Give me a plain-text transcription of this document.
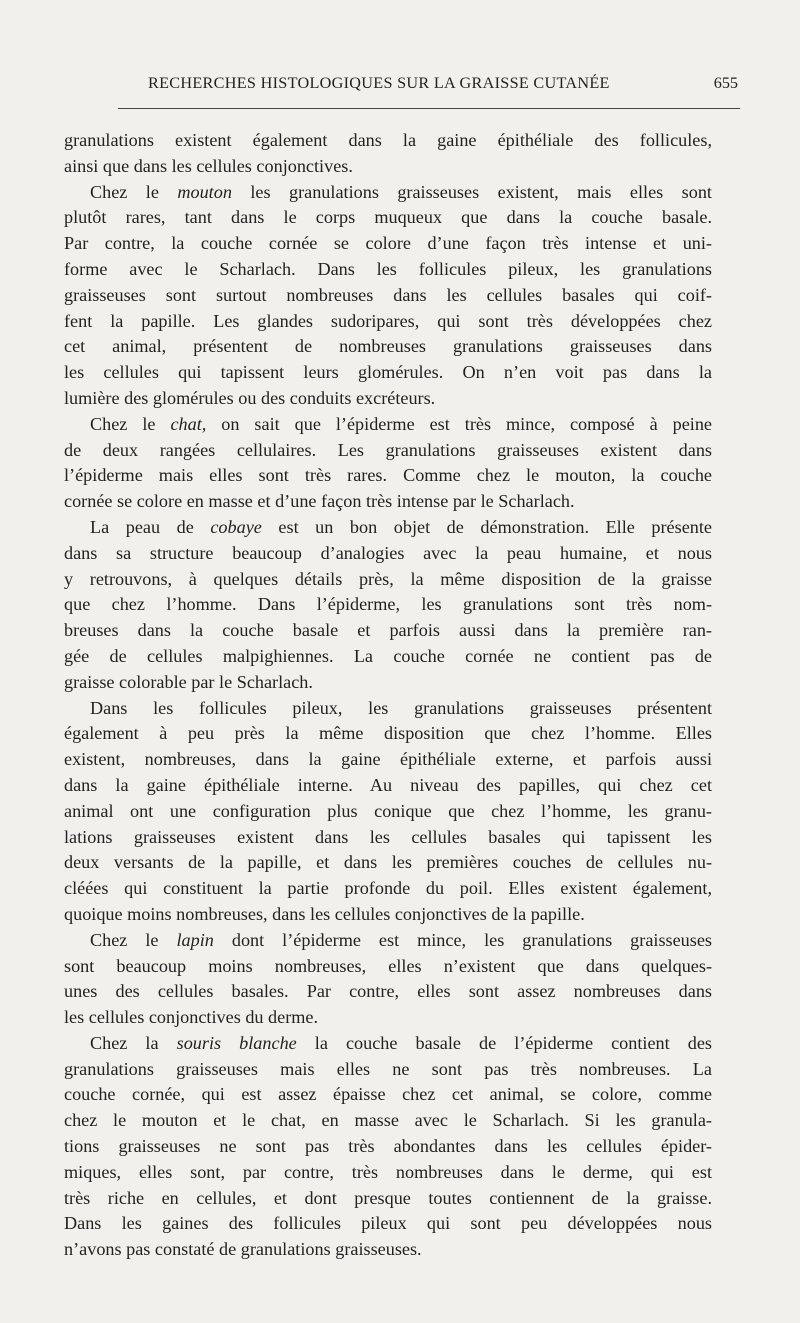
RECHERCHES HISTOLOGIQUES SUR LA GRAISSE CUTANÉE	655
granulations existent également dans la gaine épithéliale des follicules,
ainsi que dans les cellules conjonctives.
Chez le mouton les granulations graisseuses existent, mais elles sont
plutôt rares, tant dans le corps muqueux que dans la couche basale.
Par contre, la couche cornée se colore d’une façon très intense et uni-
forme avec le Scharlach. Dans les follicules pileux, les granulations
graisseuses sont surtout nombreuses dans les cellules basales qui coif-
fent la papille. Les glandes sudoripares, qui sont très développées chez
cet animal, présentent de nombreuses granulations graisseuses dans
les cellules qui tapissent leurs glomérules. On n’en voit pas dans la
lumière des glomérules ou des conduits excréteurs.
Chez le chat, on sait que l’épiderme est très mince, composé à peine
de deux rangées cellulaires. Les granulations graisseuses existent dans
l’épiderme mais elles sont très rares. Comme chez le mouton, la couche
cornée se colore en masse et d’une façon très intense par le Scharlach.
La peau de cobaye est un bon objet de démonstration. Elle présente
dans sa structure beaucoup d’analogies avec la peau humaine, et nous
y retrouvons, à quelques détails près, la même disposition de la graisse
que chez l’homme. Dans l’épiderme, les granulations sont très nom-
breuses dans la couche basale et parfois aussi dans la première ran-
gée de cellules malpighiennes. La couche cornée ne contient pas de
graisse colorable par le Scharlach.
Dans les follicules pileux, les granulations graisseuses présentent
également à peu près la même disposition que chez l’homme. Elles
existent, nombreuses, dans la gaine épithéliale externe, et parfois aussi
dans la gaine épithéliale interne. Au niveau des papilles, qui chez cet
animal ont une configuration plus conique que chez l’homme, les granu-
lations graisseuses existent dans les cellules basales qui tapissent les
deux versants de la papille, et dans les premières couches de cellules nu-
cléées qui constituent la partie profonde du poil. Elles existent également,
quoique moins nombreuses, dans les cellules conjonctives de la papille.
Chez le lapin dont l’épiderme est mince, les granulations graisseuses
sont beaucoup moins nombreuses, elles n’existent que dans quelques-
unes des cellules basales. Par contre, elles sont assez nombreuses dans
les cellules conjonctives du derme.
Chez la souris blanche la couche basale de l’épiderme contient des
granulations graisseuses mais elles ne sont pas très nombreuses. La
couche cornée, qui est assez épaisse chez cet animal, se colore, comme
chez le mouton et le chat, en masse avec le Scharlach. Si les granula-
tions graisseuses ne sont pas très abondantes dans les cellules épider-
miques, elles sont, par contre, très nombreuses dans le derme, qui est
très riche en cellules, et dont presque toutes contiennent de la graisse.
Dans les gaines des follicules pileux qui sont peu développées nous
n’avons pas constaté de granulations graisseuses.
